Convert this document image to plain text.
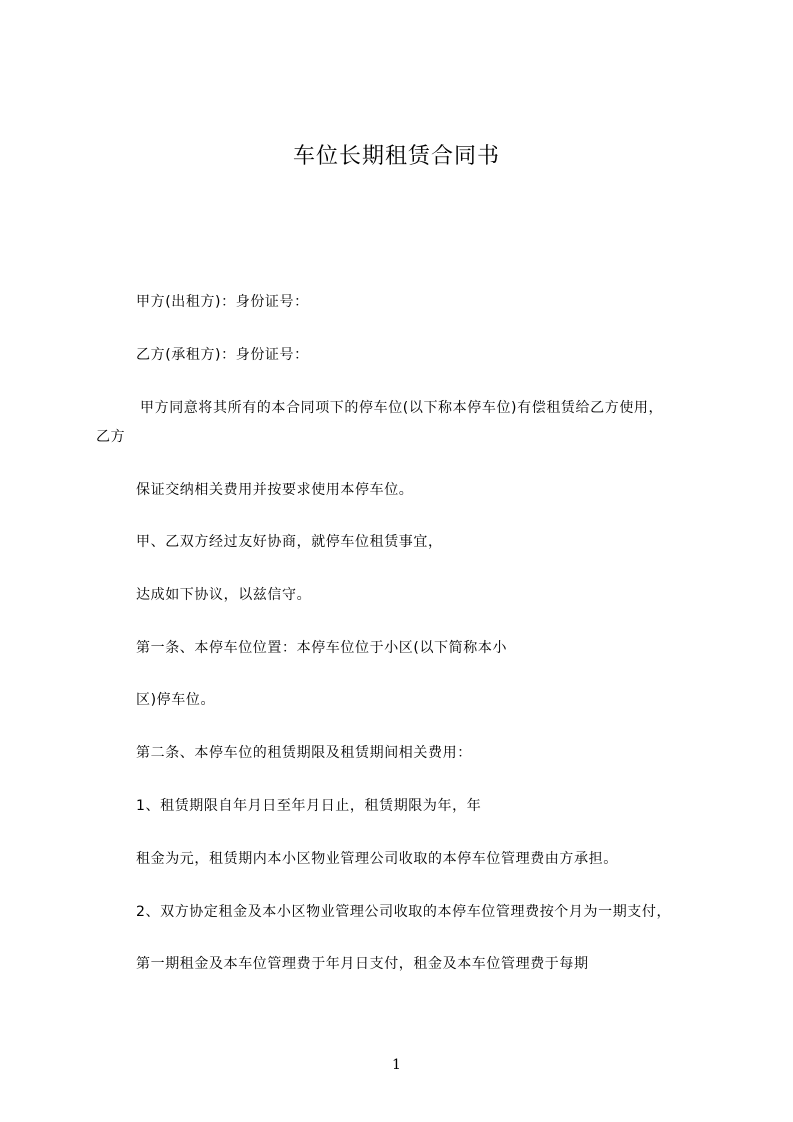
车位长期租赁合同书
甲方(出租方)：身份证号：
乙方(承租方)：身份证号：
甲方同意将其所有的本合同项下的停车位(以下称本停车位)有偿租赁给乙方使用，
乙方
保证交纳相关费用并按要求使用本停车位。
甲、乙双方经过友好协商，就停车位租赁事宜，
达成如下协议，以兹信守。
第一条、本停车位位置：本停车位位于小区(以下简称本小
区)停车位。
第二条、本停车位的租赁期限及租赁期间相关费用：
1、租赁期限自年月日至年月日止，租赁期限为年，年
租金为元，租赁期内本小区物业管理公司收取的本停车位管理费由方承担。
2、双方协定租金及本小区物业管理公司收取的本停车位管理费按个月为一期支付，
第一期租金及本车位管理费于年月日支付，租金及本车位管理费于每期
1
